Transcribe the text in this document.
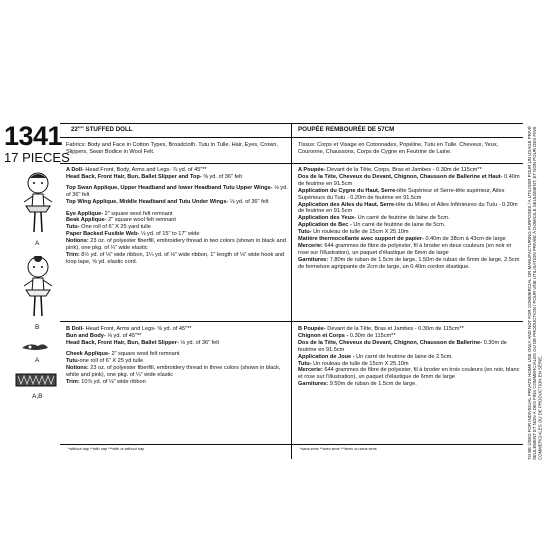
1341
17 PIECES
A
B
A
A,B
22"" STUFFED DOLL
Fabrics: Body and Face in Cotton Types, Broadcloth. Tutu in Tulle. Hair, Eyes, Crown, Slippers, Swan Bodice in Wool Felt.

A Doll- Head Front, Body, Arms and Legs- ⅞ yd. of 45"**

Head Back, Front Hair, Bun, Ballet Slipper and Top- ⅝ yd. of 36" felt

Top Swan Applique, Upper Headband and lower Headband Tutu Upper Wings- ⅛ yd. of 36" felt

Top Wing Applique, Middle Headband and Tutu Under Wings- ⅛ yd. of 36" felt

Eye Applique- 2" square wool felt remnant

Beak Applique- 2" square wool felt remnant

Tutu- One roll of 6" X 25 yard tulle

Paper Backed Fusible Web- ⅛ yd. of 15" to 17" wide

Notions: 23 oz. of polyester fiberfill, embroidery thread in two colors (shown in black and pink), one pkg. of ¼" wide elastic

Trim: 8½ yd. of ⅛" wide ribbon, 1¼ yd. of ⅛" wide ribbon, 1" length of ⅛" wide hook and loop tape, ⅝ yd. elastic cord.

B Doll- Head Front, Arms and Legs- ⅜ yd. of 45"**

Bun and Body- ⅛ yd. of 45"**

Head Back, Front Hair, Bun, Ballet Slipper- ⅛ yd. of 36" felt

Cheek Applique- 2" square wool felt remnant

Tutu-one roll of 6" X 25 yd tulle

Notions: 23 oz. of polyester fiberfill, embroidery thread in three colors (shown in black, white and pink), one pkg. of ¼" wide elastic

Trim: 10⅞ yd. of ⅛" wide ribbon

*without nap **with nap ***with or without nap
POUPÉE REMBOURÉE DE 57CM
Tissus: Corps et Visage en Cotonnades, Popeline, Tutu en Tulle. Cheveux, Yeux, Couronne, Chaussons, Corps de Cygne en Feutrine de Laine.

A Poupée- Devant de la Tête, Corps, Bras et Jambes - 0.30m de 115cm**

Dos de la Tête, Cheveux du Devant, Chignon, Chausson de Ballerine et Haut- 0.40m de feutrine en 91.5cm

Application du Cygne du Haut, Serre-tête Supérieur et Serre-tête supérieur, Ailes Supérieurs du Tutu - 0.20m de feutrine en 91.5cm

Application des Ailes du Haut, Serre-tête du Milieu et Ailes Inférieures du Tutu - 0.20m de feutrine en 91.5cm

Application des Yeux- Un carré de feutrine de laine de 5cm.

Application de Bec - Un carré de feutrine de laine de 5cm.

Tutu- Un rouleau de tulle de 15cm X 25.10m

Matière thermocollante avec support de papier- 0.40m de 38cm à 43cm de large

Mercerie: 644 grammes de fibre de polyester, fil à broder en deux couleurs (en noir et rose sur l'illustration), un paquet d'élastique de 6mm de large

Garnitures: 7.80m de ruban de 1.5cm de large, 1.50m de ruban de 6mm de large, 2.5cm de fermeture agrippante de 2cm de large, un 0.40m cordon élastique.

B Poupée- Devant de la Tête, Bras et Jambes - 0.30m de 115cm**

Chignon et Corps - 0.30m de 115cm**

Dos de la Tête, Cheveux du Devant, Chignon, Chausson de Ballerine- 0.30m de feutrine en 91.5cm

Application de Joue - Un carré de feutrine de laine de 2.5cm.

Tutu- Un rouleau de tulle de 15cm X 25.10m

Mercerie: 644 grammes de fibre de polyester, fil à broder en trois couleurs (en noir, blanc et rose sur l'illustration), un paquet d'élastique de 6mm de large

Garnitures: 9.50m de ruban de 1.5cm de large.

*sans sens **avec sens ***avec ou sans sens	TO BE USED FOR INDIVIDUAL PRIVATE HOME USE ONLY AND NOT FOR COMMERCIAL OR MANUFACTURING PURPOSES / A UTILISER POUR UN USAGE PRIVÉ SEULEMENT ET NON À DES FINS COMMERCIALES OU DE PRODUCTION / POUR UNE UTILISATION PRIVÉE À DOMICILE SEULEMENT, ET NON POUR DES FINS COMMERCIALES OU DE PRODUCTION EN SÉRIE.
